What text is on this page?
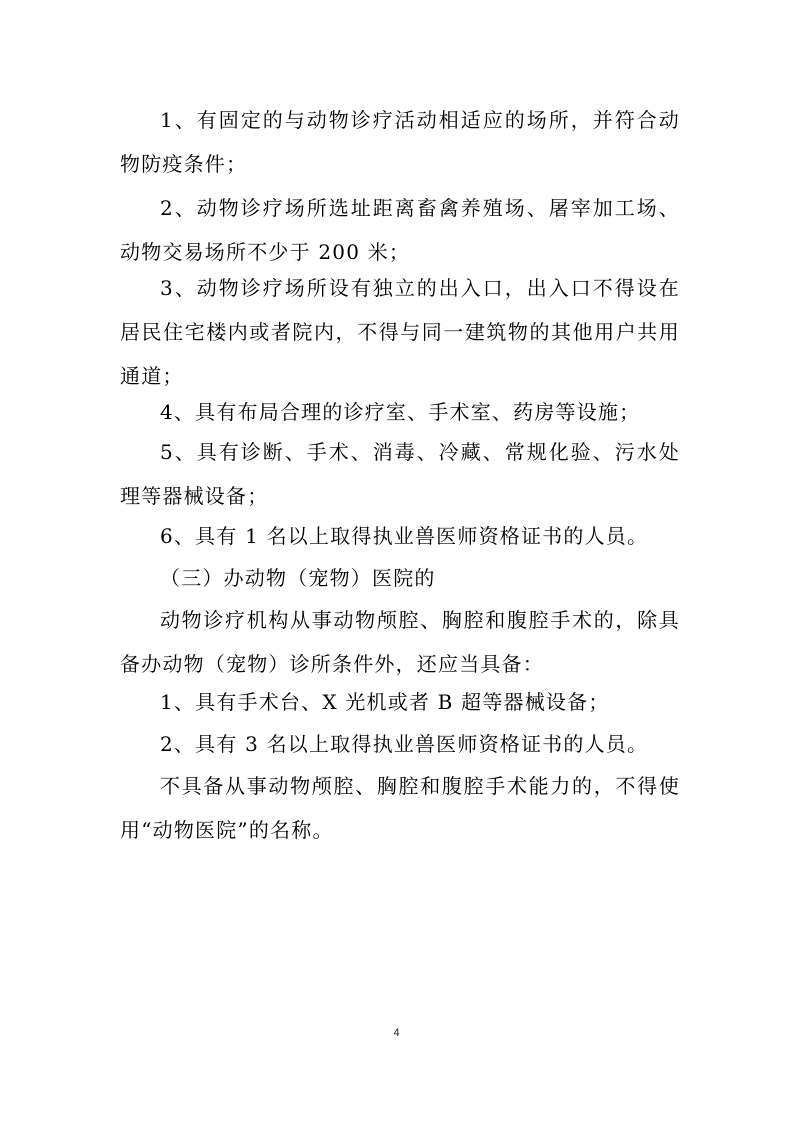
1、有固定的与动物诊疗活动相适应的场所，并符合动物防疫条件；

2、动物诊疗场所选址距离畜禽养殖场、屠宰加工场、动物交易场所不少于 200 米；

3、动物诊疗场所设有独立的出入口，出入口不得设在居民住宅楼内或者院内，不得与同一建筑物的其他用户共用通道；

4、具有布局合理的诊疗室、手术室、药房等设施；

5、具有诊断、手术、消毒、冷藏、常规化验、污水处理等器械设备；

6、具有 1 名以上取得执业兽医师资格证书的人员。

（三）办动物（宠物）医院的

动物诊疗机构从事动物颅腔、胸腔和腹腔手术的，除具备办动物（宠物）诊所条件外，还应当具备：

1、具有手术台、X 光机或者 B 超等器械设备；

2、具有 3 名以上取得执业兽医师资格证书的人员。

不具备从事动物颅腔、胸腔和腹腔手术能力的，不得使用“动物医院”的名称。

4
